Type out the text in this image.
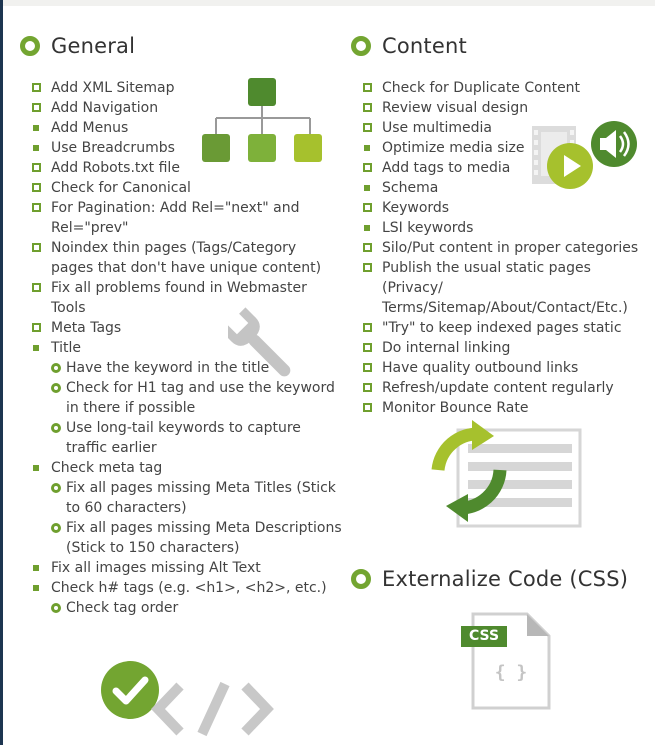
General	Content
Externalize Code (CSS)
Add XML Sitemap
Add Navigation
Add Menus
Use Breadcrumbs
Add Robots.txt file
Check for Canonical
For Pagination: Add Rel="next" and Rel="prev"
Noindex thin pages (Tags/Category pages that don't have unique content)
Fix all problems found in Webmaster Tools
Meta Tags
Title
Have the keyword in the title
Check for H1 tag and use the keyword in there if possible
Use long-tail keywords to capture traffic earlier
Check meta tag
Fix all pages missing Meta Titles (Stick to 60 characters)
Fix all pages missing Meta Descriptions (Stick to 150 characters)
Fix all images missing Alt Text
Check h# tags (e.g. <h1>, <h2>, etc.)
Check tag order
Check for Duplicate Content
Review visual design
Use multimedia
Optimize media size
Add tags to media
Schema
Keywords
LSI keywords
Silo/Put content in proper categories
Publish the usual static pages (Privacy/ Terms/Sitemap/About/Contact/Etc.)
"Try" to keep indexed pages static
Do internal linking
Have quality outbound links
Refresh/update content regularly
Monitor Bounce Rate
CSS
{ }
